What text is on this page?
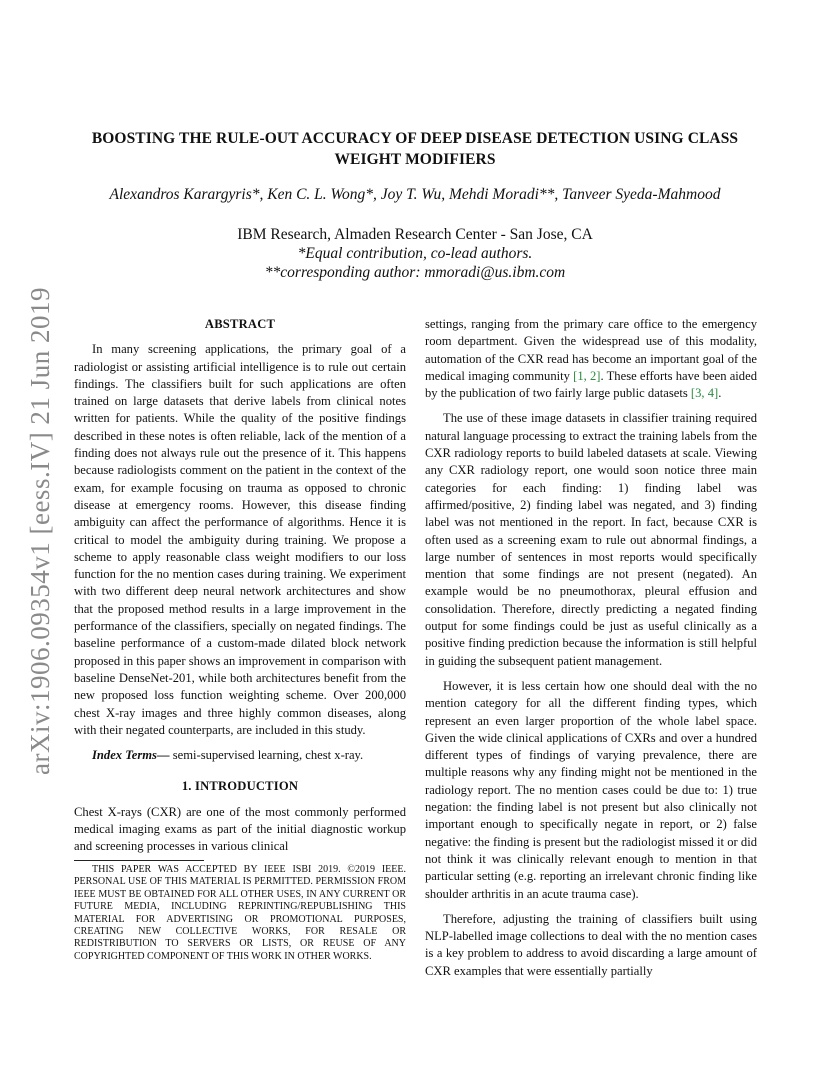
arXiv:1906.09354v1 [eess.IV] 21 Jun 2019
BOOSTING THE RULE-OUT ACCURACY OF DEEP DISEASE DETECTION USING CLASS
WEIGHT MODIFIERS
Alexandros Karargyris*, Ken C. L. Wong*, Joy T. Wu, Mehdi Moradi**, Tanveer Syeda-Mahmood
IBM Research, Almaden Research Center - San Jose, CA
*Equal contribution, co-lead authors.
**corresponding author: mmoradi@us.ibm.com
ABSTRACT

In many screening applications, the primary goal of a radiologist or assisting artificial intelligence is to rule out certain findings. The classifiers built for such applications are often trained on large datasets that derive labels from clinical notes written for patients. While the quality of the positive findings described in these notes is often reliable, lack of the mention of a finding does not always rule out the presence of it. This happens because radiologists comment on the patient in the context of the exam, for example focusing on trauma as opposed to chronic disease at emergency rooms. However, this disease finding ambiguity can affect the performance of algorithms. Hence it is critical to model the ambiguity during training. We propose a scheme to apply reasonable class weight modifiers to our loss function for the no mention cases during training. We experiment with two different deep neural network architectures and show that the proposed method results in a large improvement in the performance of the classifiers, specially on negated findings. The baseline performance of a custom-made dilated block network proposed in this paper shows an improvement in comparison with baseline DenseNet-201, while both architectures benefit from the new proposed loss function weighting scheme. Over 200,000 chest X-ray images and three highly common diseases, along with their negated counterparts, are included in this study.

Index Terms— semi-supervised learning, chest x-ray.
1. INTRODUCTION

Chest X-rays (CXR) are one of the most commonly performed medical imaging exams as part of the initial diagnostic workup and screening processes in various clinical

THIS PAPER WAS ACCEPTED BY IEEE ISBI 2019. ©2019 IEEE. PERSONAL USE OF THIS MATERIAL IS PERMITTED. PERMISSION FROM IEEE MUST BE OBTAINED FOR ALL OTHER USES, IN ANY CURRENT OR FUTURE MEDIA, INCLUDING REPRINTING/REPUBLISHING THIS MATERIAL FOR ADVERTISING OR PROMOTIONAL PURPOSES, CREATING NEW COLLECTIVE WORKS, FOR RESALE OR REDISTRIBUTION TO SERVERS OR LISTS, OR REUSE OF ANY COPYRIGHTED COMPONENT OF THIS WORK IN OTHER WORKS.

settings, ranging from the primary care office to the emergency room department. Given the widespread use of this modality, automation of the CXR read has become an important goal of the medical imaging community [1, 2]. These efforts have been aided by the publication of two fairly large public datasets [3, 4].

The use of these image datasets in classifier training required natural language processing to extract the training labels from the CXR radiology reports to build labeled datasets at scale. Viewing any CXR radiology report, one would soon notice three main categories for each finding: 1) finding label was affirmed/positive, 2) finding label was negated, and 3) finding label was not mentioned in the report. In fact, because CXR is often used as a screening exam to rule out abnormal findings, a large number of sentences in most reports would specifically mention that some findings are not present (negated). An example would be no pneumothorax, pleural effusion and consolidation. Therefore, directly predicting a negated finding output for some findings could be just as useful clinically as a positive finding prediction because the information is still helpful in guiding the subsequent patient management.

However, it is less certain how one should deal with the no mention category for all the different finding types, which represent an even larger proportion of the whole label space. Given the wide clinical applications of CXRs and over a hundred different types of findings of varying prevalence, there are multiple reasons why any finding might not be mentioned in the radiology report. The no mention cases could be due to: 1) true negation: the finding label is not present but also clinically not important enough to specifically negate in report, or 2) false negative: the finding is present but the radiologist missed it or did not think it was clinically relevant enough to mention in that particular setting (e.g. reporting an irrelevant chronic finding like shoulder arthritis in an acute trauma case).

Therefore, adjusting the training of classifiers built using NLP-labelled image collections to deal with the no mention cases is a key problem to address to avoid discarding a large amount of CXR examples that were essentially partially
